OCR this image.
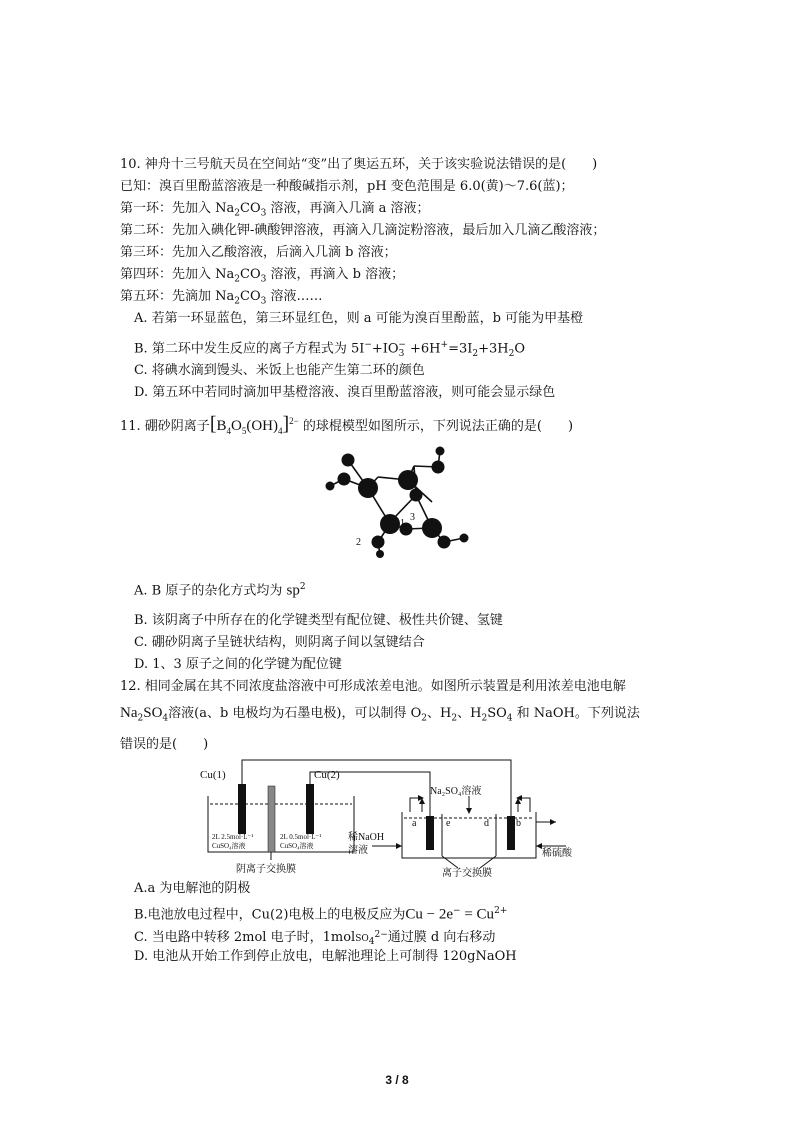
10. 神舟十三号航天员在空间站“变”出了奥运五环，关于该实验说法错误的是(　　)
已知：溴百里酚蓝溶液是一种酸碱指示剂，pH 变色范围是 6.0(黄)～7.6(蓝)；
第一环：先加入 $Na_2CO_3$ 溶液，再滴入几滴 a 溶液；
第二环：先加入碘化钾-碘酸钾溶液，再滴入几滴淀粉溶液，最后加入几滴乙酸溶液；
第三环：先加入乙酸溶液，后滴入几滴 b 溶液；
第四环：先加入 $Na_2CO_3$ 溶液，再滴入 b 溶液；
第五环：先滴加 $Na_2CO_3$ 溶液……
A. 若第一环显蓝色，第三环显红色，则 a 可能为溴百里酚蓝，b 可能为甲基橙
B. 第二环中发生反应的离子方程式为 $5I^-+IO_3^- +6H^+=3I_2+3H_2O$
C. 将碘水滴到馒头、米饭上也能产生第二环的颜色
D. 第五环中若同时滴加甲基橙溶液、溴百里酚蓝溶液，则可能会显示绿色
11. 硼砂阴离子$[B_4O_5(OH)_4]^{2-}$ 的球棍模型如图所示，下列说法正确的是(　　)
1
2
3
A. B 原子的杂化方式均为 $sp^2$
B. 该阴离子中所存在的化学键类型有配位键、极性共价键、氢键
C. 硼砂阴离子呈链状结构，则阴离子间以氢键结合
D. 1、3 原子之间的化学键为配位键
12. 相同金属在其不同浓度盐溶液中可形成浓差电池。如图所示装置是利用浓差电池电解
$Na_2SO_4$溶液(a、b 电极均为石墨电极)，可以制得 $O_2$、$H_2$、$H_2SO_4$ 和 NaOH。下列说法
错误的是(　　)
Cu(1)	Cu(2)
2L 2.5mol·L⁻¹
CuSO₄溶液
2L 0.5mol·L⁻¹
CuSO₄溶液
Na₂SO₄溶液
a	e	d	b
稀NaOH
溶液	稀硫酸
阴离子交换膜	离子交换膜
A.a 为电解池的阴极
B.电池放电过程中，Cu(2)电极上的电极反应为$Cu - 2e^- = Cu^{2+}$
C. 当电路中转移 2mol 电子时，1molSO$_4^{2-}$通过膜 d 向右移动
D. 电池从开始工作到停止放电，电解池理论上可制得 120gNaOH
3 / 8
